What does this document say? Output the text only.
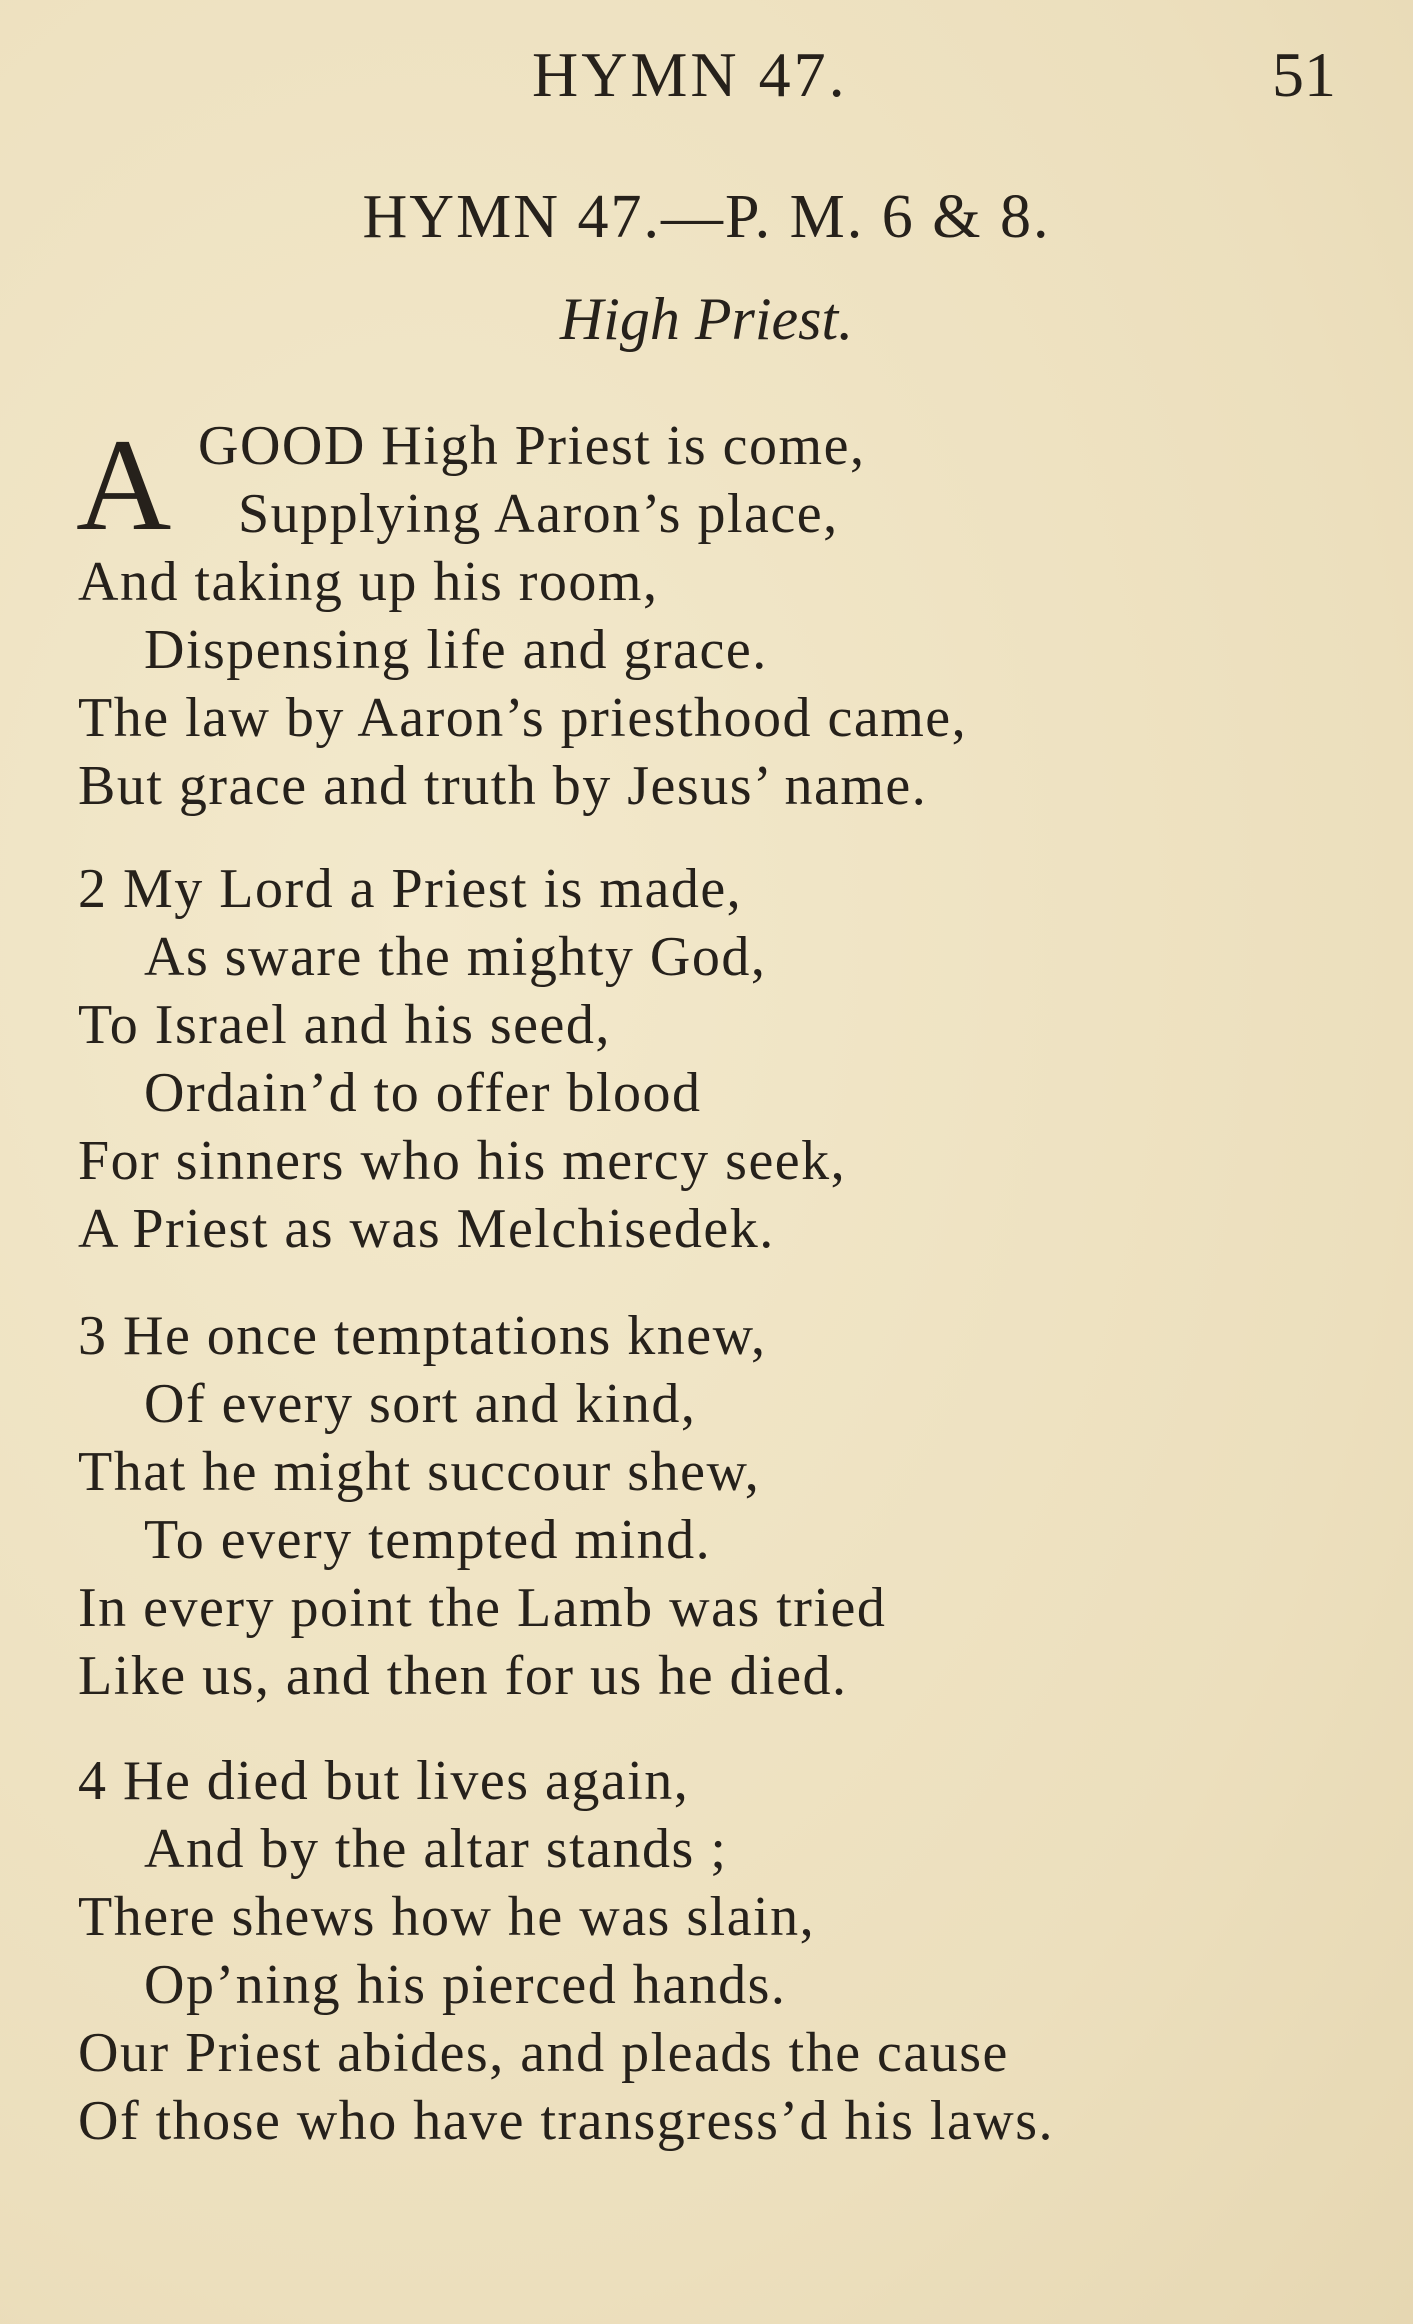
HYMN 47.	51
HYMN 47.—P. M. 6 & 8.
High Priest.
A GOOD High Priest is come,
Supplying Aaron’s place,
And taking up his room,
Dispensing life and grace.
The law by Aaron’s priesthood came,
But grace and truth by Jesus’ name.
2 My Lord a Priest is made,
As sware the mighty God,
To Israel and his seed,
Ordain’d to offer blood
For sinners who his mercy seek,
A Priest as was Melchisedek.
3 He once temptations knew,
Of every sort and kind,
That he might succour shew,
To every tempted mind.
In every point the Lamb was tried
Like us, and then for us he died.
4 He died but lives again,
And by the altar stands ;
There shews how he was slain,
Op’ning his pierced hands.
Our Priest abides, and pleads the cause
Of those who have transgress’d his laws.
